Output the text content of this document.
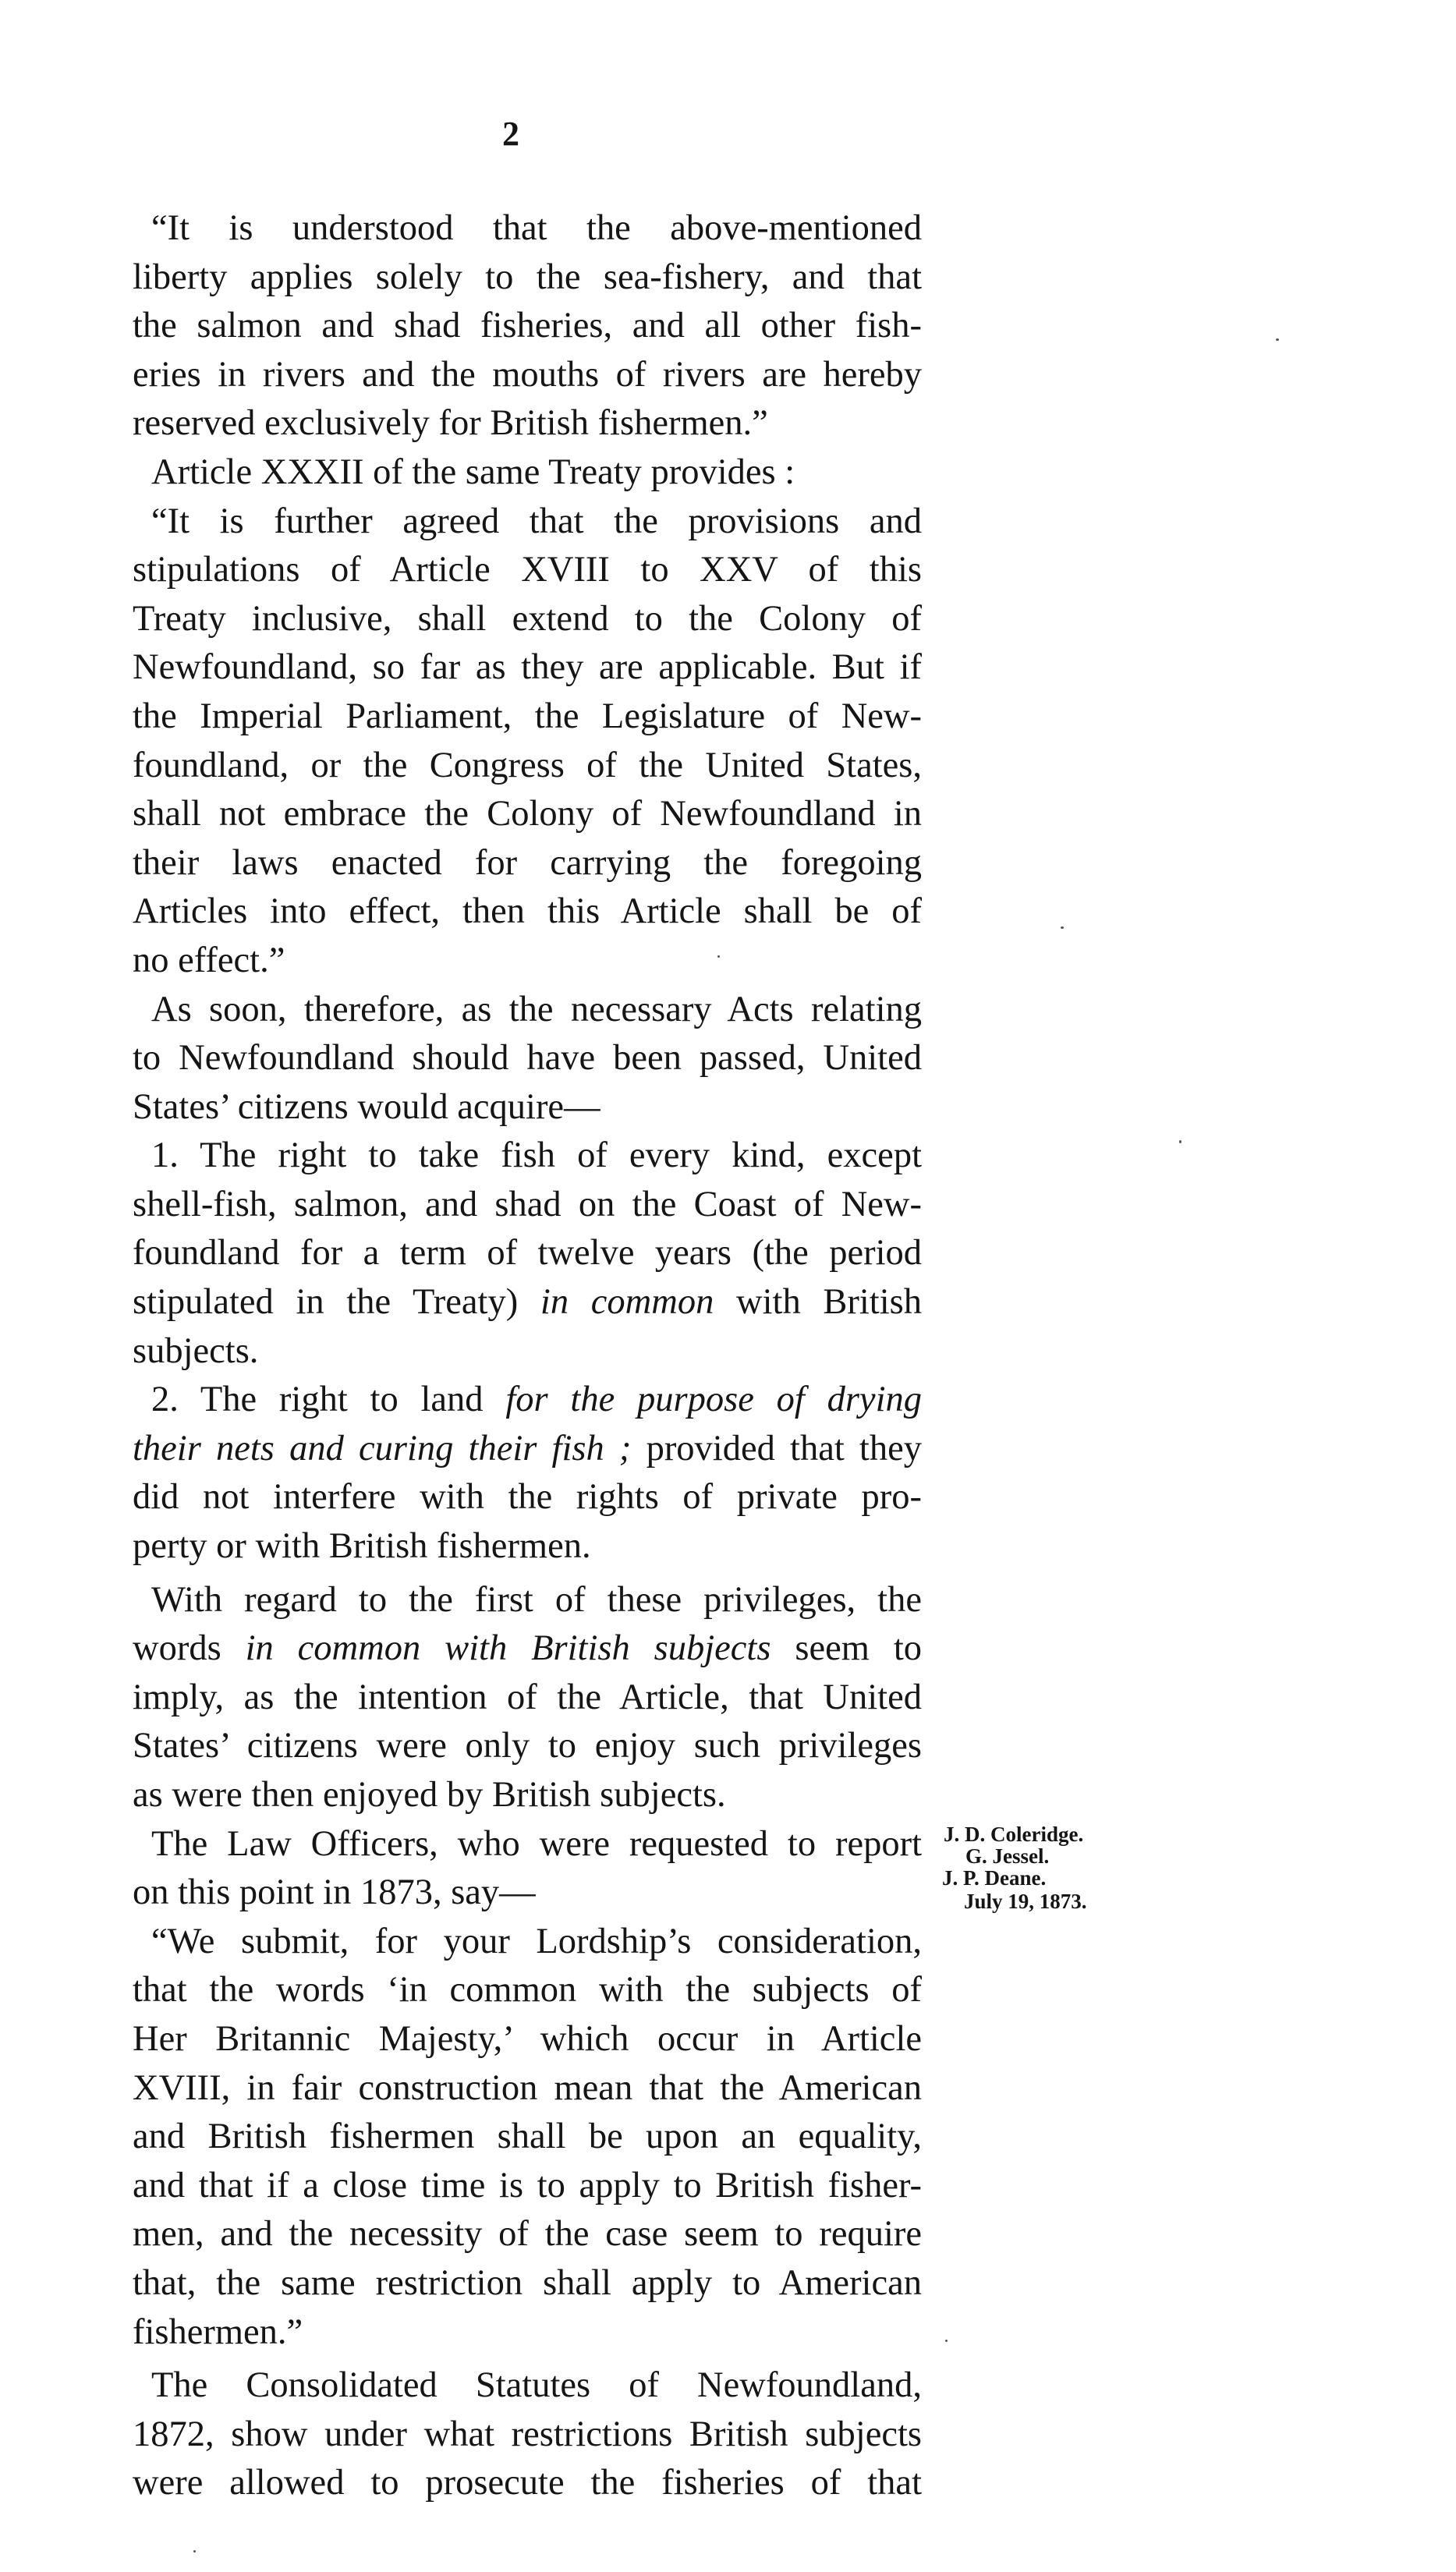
2
“It is understood that the above-mentioned
liberty applies solely to the sea-fishery, and that
the salmon and shad fisheries, and all other fish-
eries in rivers and the mouths of rivers are hereby
reserved exclusively for British fishermen.”
Article XXXII of the same Treaty provides :
“It is further agreed that the provisions and
stipulations of Article XVIII to XXV of this
Treaty inclusive, shall extend to the Colony of
Newfoundland, so far as they are applicable. But if
the Imperial Parliament, the Legislature of New-
foundland, or the Congress of the United States,
shall not embrace the Colony of Newfoundland in
their laws enacted for carrying the foregoing
Articles into effect, then this Article shall be of
no effect.”
As soon, therefore, as the necessary Acts relating
to Newfoundland should have been passed, United
States’ citizens would acquire—
1. The right to take fish of every kind, except
shell-fish, salmon, and shad on the Coast of New-
foundland for a term of twelve years (the period
stipulated in the Treaty) in common with British
subjects.
2. The right to land for the purpose of drying
their nets and curing their fish ; provided that they
did not interfere with the rights of private pro-
perty or with British fishermen.
With regard to the first of these privileges, the
words in common with British subjects seem to
imply, as the intention of the Article, that United
States’ citizens were only to enjoy such privileges
as were then enjoyed by British subjects.
The Law Officers, who were requested to report
on this point in 1873, say—
“We submit, for your Lordship’s consideration,
that the words ‘in common with the subjects of
Her Britannic Majesty,’ which occur in Article
XVIII, in fair construction mean that the American
and British fishermen shall be upon an equality,
and that if a close time is to apply to British fisher-
men, and the necessity of the case seem to require
that, the same restriction shall apply to American
fishermen.”
The Consolidated Statutes of Newfoundland,
1872, show under what restrictions British subjects
were allowed to prosecute the fisheries of that
J. D. Coleridge.
G. Jessel.
J. P. Deane.
July 19, 1873.
